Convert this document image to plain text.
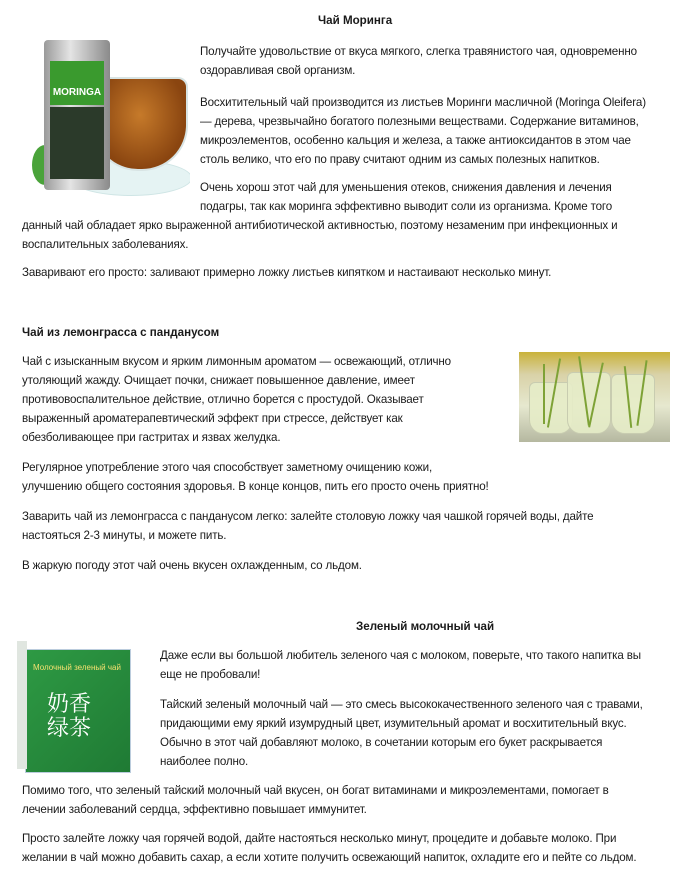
Чай Моринга
MORINGA
Получайте удовольствие от вкуса мягкого, слегка травянистого чая, одновременно
оздоравливая свой организм.
Восхитительный чай производится из листьев Моринги масличной (Moringa Oleifera)
— дерева, чрезвычайно богатого полезными веществами. Содержание витаминов,
микроэлементов, особенно кальция и железа, а также антиоксидантов в этом чае
столь велико, что его по праву считают одним из самых полезных напитков.
Очень хорош этот чай для уменьшения отеков, снижения давления и лечения
подагры, так как моринга эффективно выводит соли из организма. Кроме того
данный чай обладает ярко выраженной антибиотической активностью, поэтому незаменим при инфекционных и
воспалительных заболеваниях.
Заваривают его просто: заливают примерно ложку листьев кипятком и настаивают несколько минут.
Чай из лемонграсса с панданусом
Чай с изысканным вкусом и ярким лимонным ароматом — освежающий, отлично
утоляющий жажду. Очищает почки, снижает повышенное давление, имеет
противовоспалительное действие, отлично борется с простудой. Оказывает
выраженный ароматерапевтический эффект при стрессе, действует как
обезболивающее при гастритах и язвах желудка.
Регулярное употребление этого чая способствует заметному очищению кожи,
улучшению общего состояния здоровья. В конце концов, пить его просто очень приятно!
Заварить чай из лемонграсса с панданусом легко: залейте столовую ложку чая чашкой горячей воды, дайте
настояться 2-3 минуты, и можете пить.
В жаркую погоду этот чай очень вкусен охлажденным, со льдом.
Зеленый молочный чай
Молочный зеленый чай
奶香绿茶
Даже если вы большой любитель зеленого чая с молоком, поверьте, что такого напитка вы
еще не пробовали!
Тайский зеленый молочный чай — это смесь высококачественного зеленого чая с травами,
придающими ему яркий изумрудный цвет, изумительный аромат и восхитительный вкус.
Обычно в этот чай добавляют молоко, в сочетании которым его букет раскрывается
наиболее полно.
Помимо того, что зеленый тайский молочный чай вкусен, он богат витаминами и микроэлементами, помогает в
лечении заболеваний сердца, эффективно повышает иммунитет.
Просто залейте ложку чая горячей водой, дайте настояться несколько минут, процедите и добавьте молоко. При
желании в чай можно добавить сахар, а если хотите получить освежающий напиток, охладите его и пейте со льдом.
